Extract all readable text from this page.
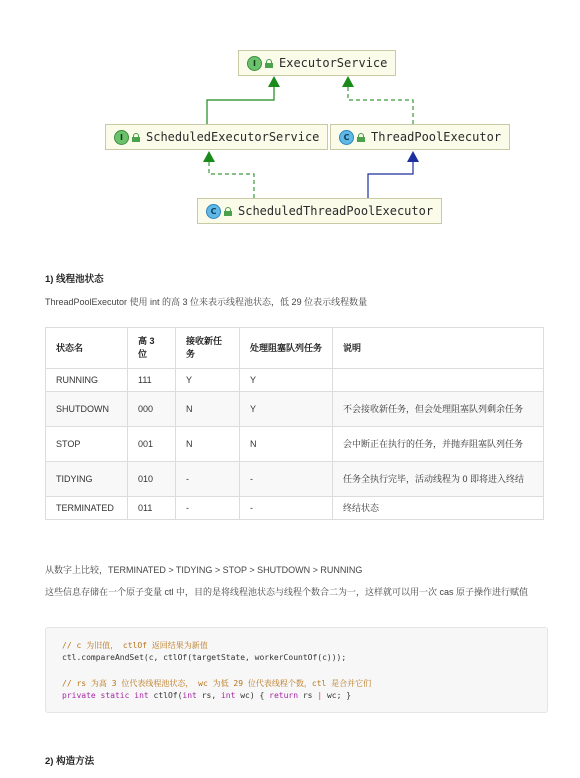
I	ExecutorService
I	ScheduledExecutorService	C	ThreadPoolExecutor
C	ScheduledThreadPoolExecutor
1) 线程池状态
ThreadPoolExecutor 使用 int 的高 3 位来表示线程池状态，低 29 位表示线程数量
状态名	高 3 位	接收新任务	处理阻塞队列任务	说明
RUNNING	111	Y	Y	
SHUTDOWN	000	N	Y	不会接收新任务，但会处理阻塞队列剩余任务
STOP	001	N	N	会中断正在执行的任务，并抛弃阻塞队列任务
TIDYING	010	-	-	任务全执行完毕，活动线程为 0 即将进入终结
TERMINATED	011	-	-	终结状态
从数字上比较，TERMINATED > TIDYING > STOP > SHUTDOWN > RUNNING
这些信息存储在一个原子变量 ctl 中，目的是将线程池状态与线程个数合二为一，这样就可以用一次 cas 原子操作进行赋值
// c 为旧值， ctlOf 返回结果为新值
ctl.compareAndSet(c, ctlOf(targetState, workerCountOf(c)));
// rs 为高 3 位代表线程池状态， wc 为低 29 位代表线程个数，ctl 是合并它们
private static int ctlOf(int rs, int wc) { return rs | wc; }
2) 构造方法
